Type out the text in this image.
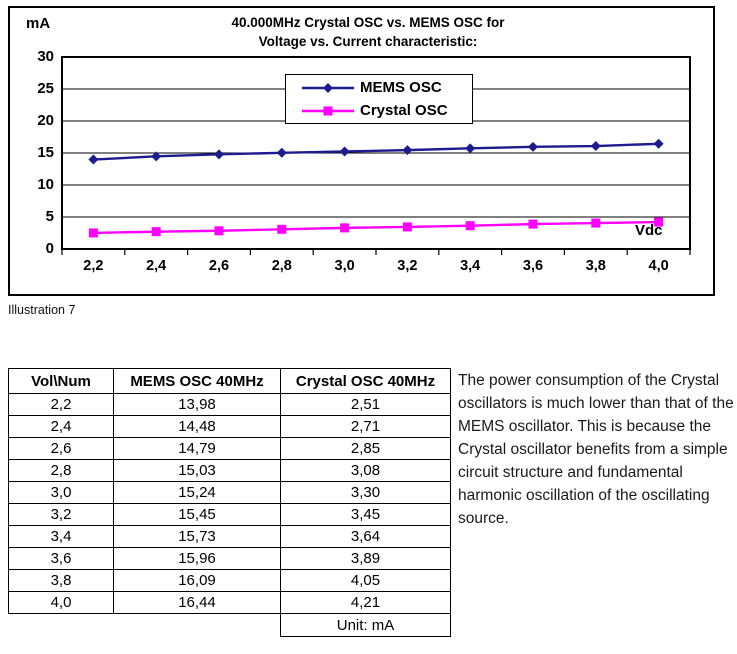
mA	40.000MHz Crystal OSC vs. MEMS OSC for
Voltage vs. Current characteristic:
0
5
10
15
20
25
30
2,2	2,4	2,6	2,8	3,0	3,2	3,4	3,6	3,8	4,0
Vdc
MEMS OSC
Crystal OSC
Illustration 7
Vol\Num	MEMS OSC 40MHz	Crystal OSC 40MHz
2,2	13,98	2,51
2,4	14,48	2,71
2,6	14,79	2,85
2,8	15,03	3,08
3,0	15,24	3,30
3,2	15,45	3,45
3,4	15,73	3,64
3,6	15,96	3,89
3,8	16,09	4,05
4,0	16,44	4,21
		Unit: mA
The power consumption of the Crystal oscillators is much lower than that of the MEMS oscillator. This is because the Crystal oscillator benefits from a simple circuit structure and fundamental harmonic oscillation of the oscillating source.
